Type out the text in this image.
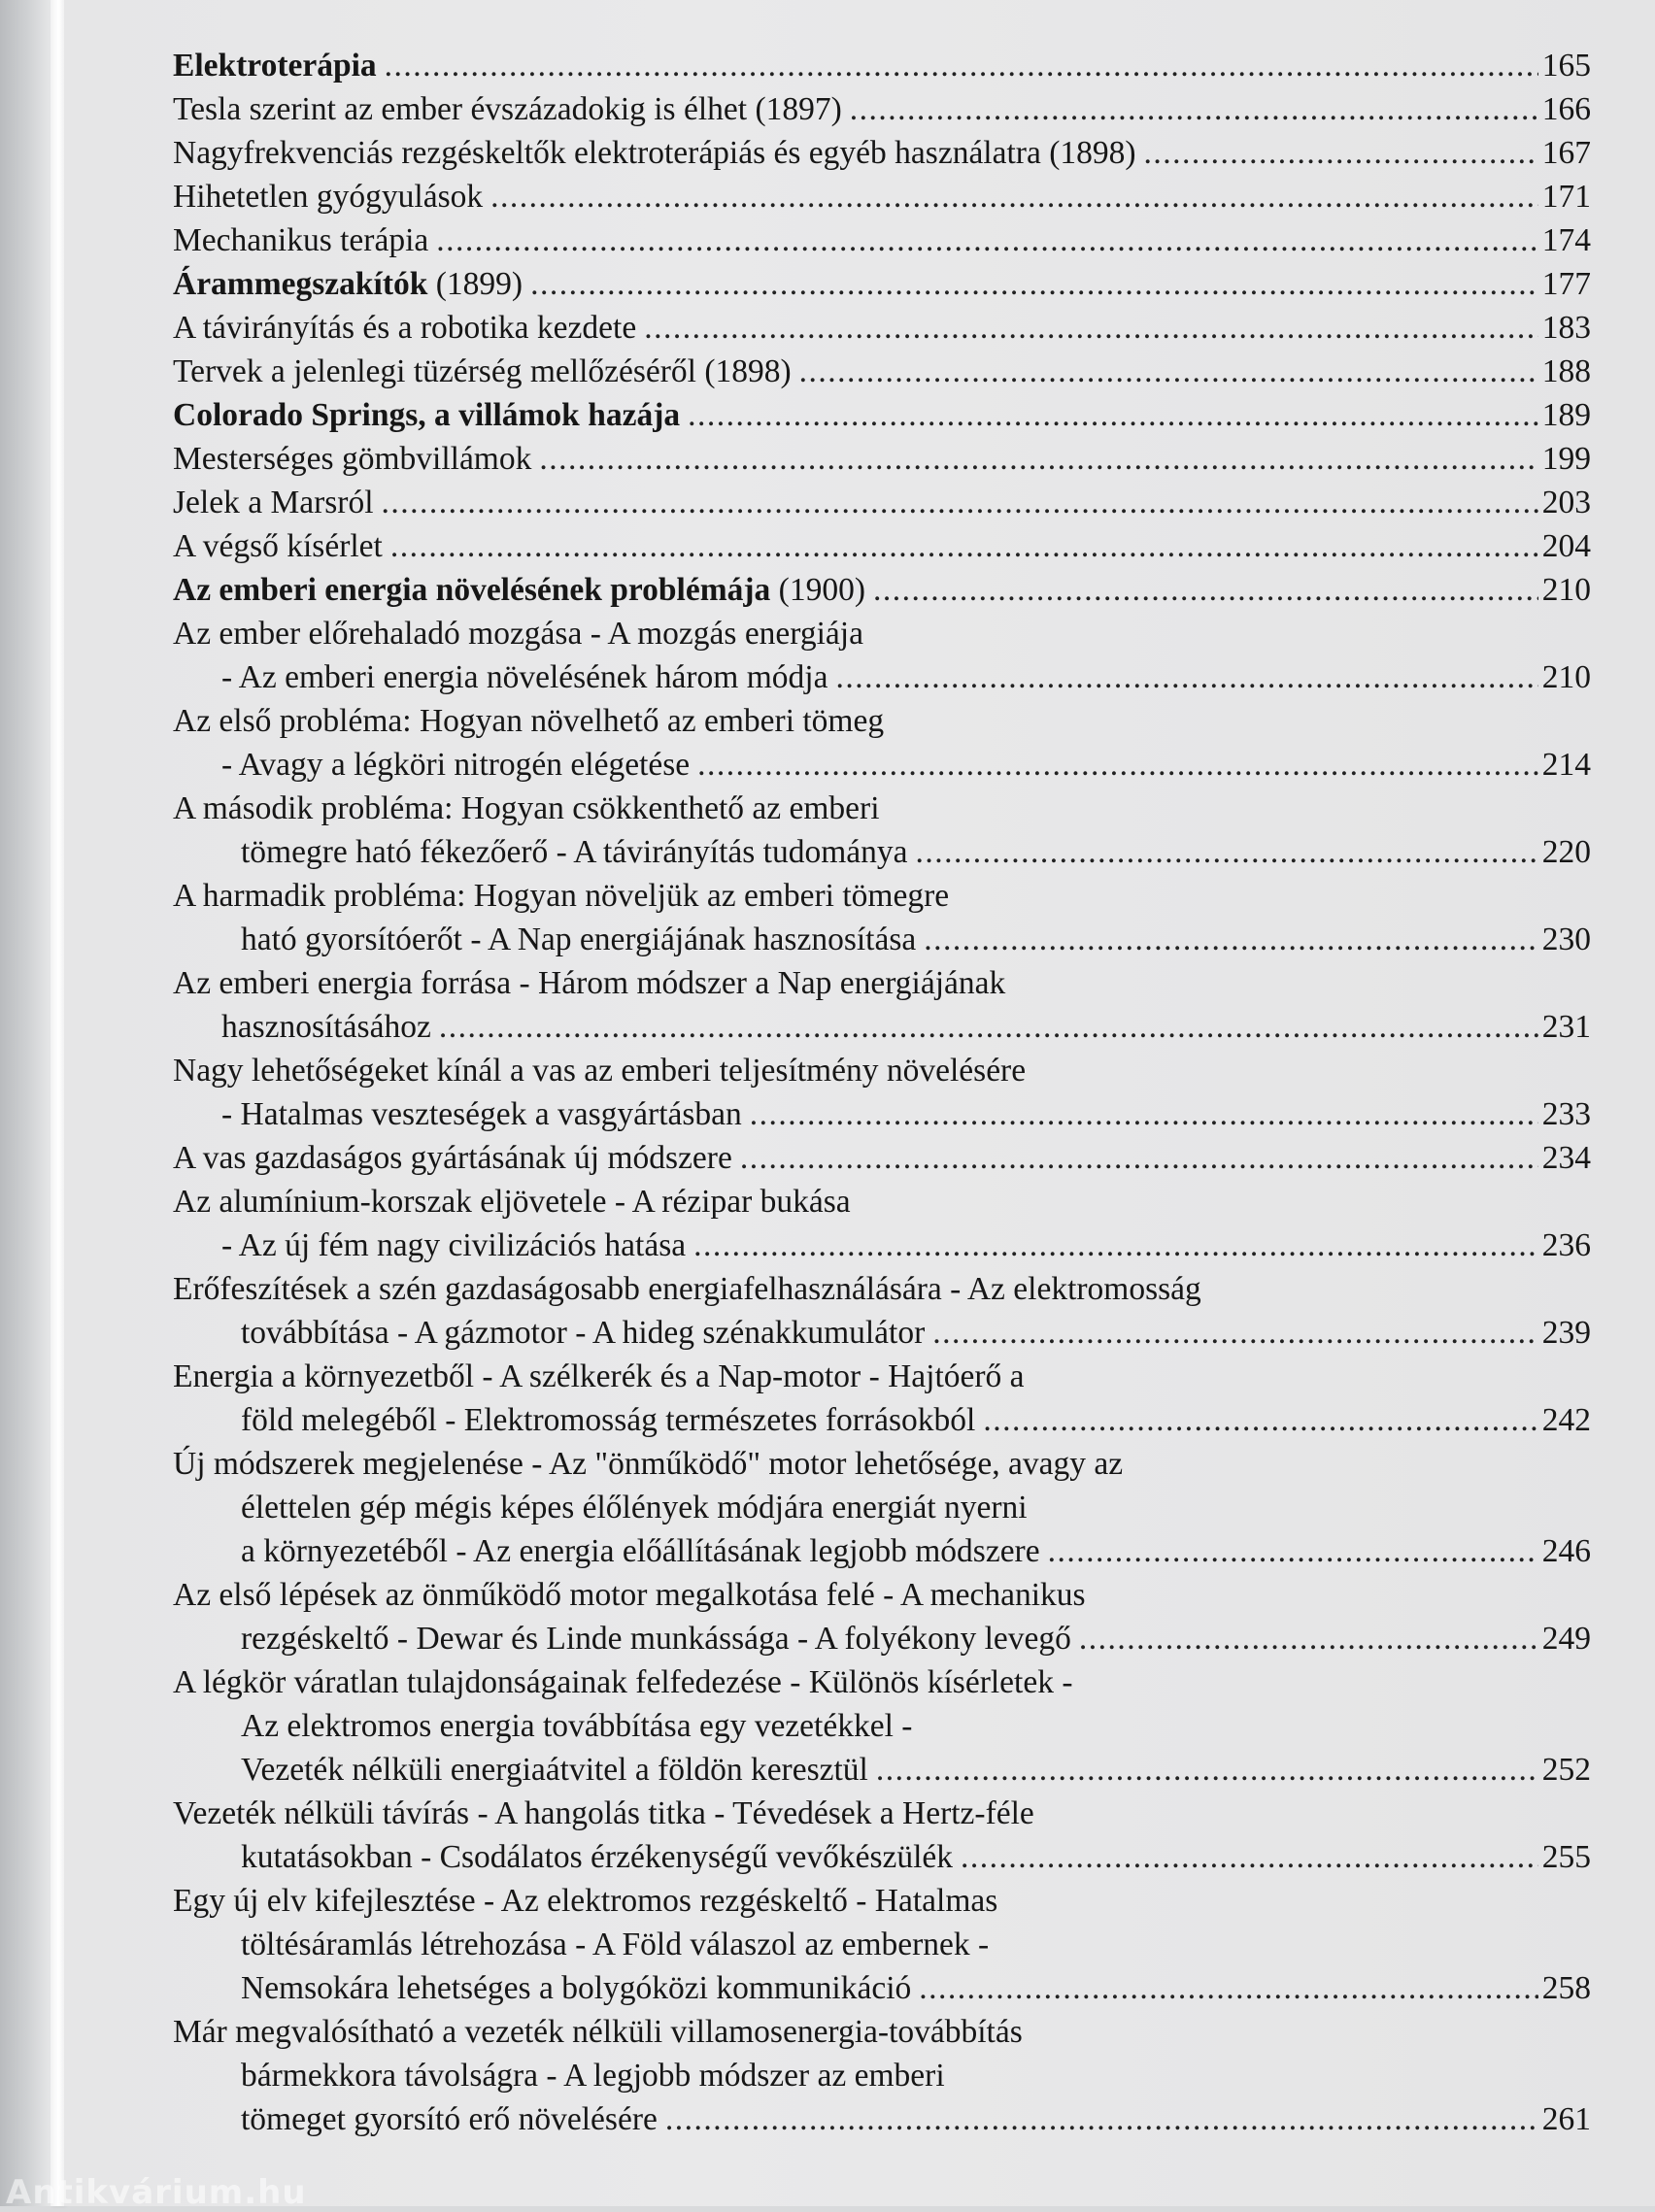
Elektroterápia .....	165
Tesla szerint az ember évszázadokig is élhet (1897) .....	166
Nagyfrekvenciás rezgéskeltők elektroterápiás és egyéb használatra (1898) .....	167
Hihetetlen gyógyulások .....	171
Mechanikus terápia .....	174
Árammegszakítók (1899) .....	177
A távirányítás és a robotika kezdete .....	183
Tervek a jelenlegi tüzérség mellőzéséről (1898) .....	188
Colorado Springs, a villámok hazája .....	189
Mesterséges gömbvillámok .....	199
Jelek a Marsról .....	203
A végső kísérlet .....	204
Az emberi energia növelésének problémája (1900) .....	210
Az ember előrehaladó mozgása - A mozgás energiája
- Az emberi energia növelésének három módja .....	210
Az első probléma: Hogyan növelhető az emberi tömeg
- Avagy a légköri nitrogén elégetése .....	214
A második probléma: Hogyan csökkenthető az emberi
tömegre ható fékezőerő - A távirányítás tudománya .....	220
A harmadik probléma: Hogyan növeljük az emberi tömegre
ható gyorsítóerőt - A Nap energiájának hasznosítása .....	230
Az emberi energia forrása - Három módszer a Nap energiájának
hasznosításához .....	231
Nagy lehetőségeket kínál a vas az emberi teljesítmény növelésére
- Hatalmas veszteségek a vasgyártásban .....	233
A vas gazdaságos gyártásának új módszere .....	234
Az alumínium-korszak eljövetele - A rézipar bukása
- Az új fém nagy civilizációs hatása .....	236
Erőfeszítések a szén gazdaságosabb energiafelhasználására - Az elektromosság
továbbítása - A gázmotor - A hideg szénakkumulátor .....	239
Energia a környezetből - A szélkerék és a Nap-motor - Hajtóerő a
föld melegéből - Elektromosság természetes forrásokból .....	242
Új módszerek megjelenése - Az "önműködő" motor lehetősége, avagy az
élettelen gép mégis képes élőlények módjára energiát nyerni
a környezetéből - Az energia előállításának legjobb módszere .....	246
Az első lépések az önműködő motor megalkotása felé - A mechanikus
rezgéskeltő - Dewar és Linde munkássága - A folyékony levegő .....	249
A légkör váratlan tulajdonságainak felfedezése - Különös kísérletek -
Az elektromos energia továbbítása egy vezetékkel -
Vezeték nélküli energiaátvitel a földön keresztül .....	252
Vezeték nélküli távírás - A hangolás titka - Tévedések a Hertz-féle
kutatásokban - Csodálatos érzékenységű vevőkészülék .....	255
Egy új elv kifejlesztése - Az elektromos rezgéskeltő - Hatalmas
töltésáramlás létrehozása - A Föld válaszol az embernek -
Nemsokára lehetséges a bolygóközi kommunikáció .....	258
Már megvalósítható a vezeték nélküli villamosenergia-továbbítás
bármekkora távolságra - A legjobb módszer az emberi
tömeget gyorsító erő növelésére .....	261
Antikvárium.hu
